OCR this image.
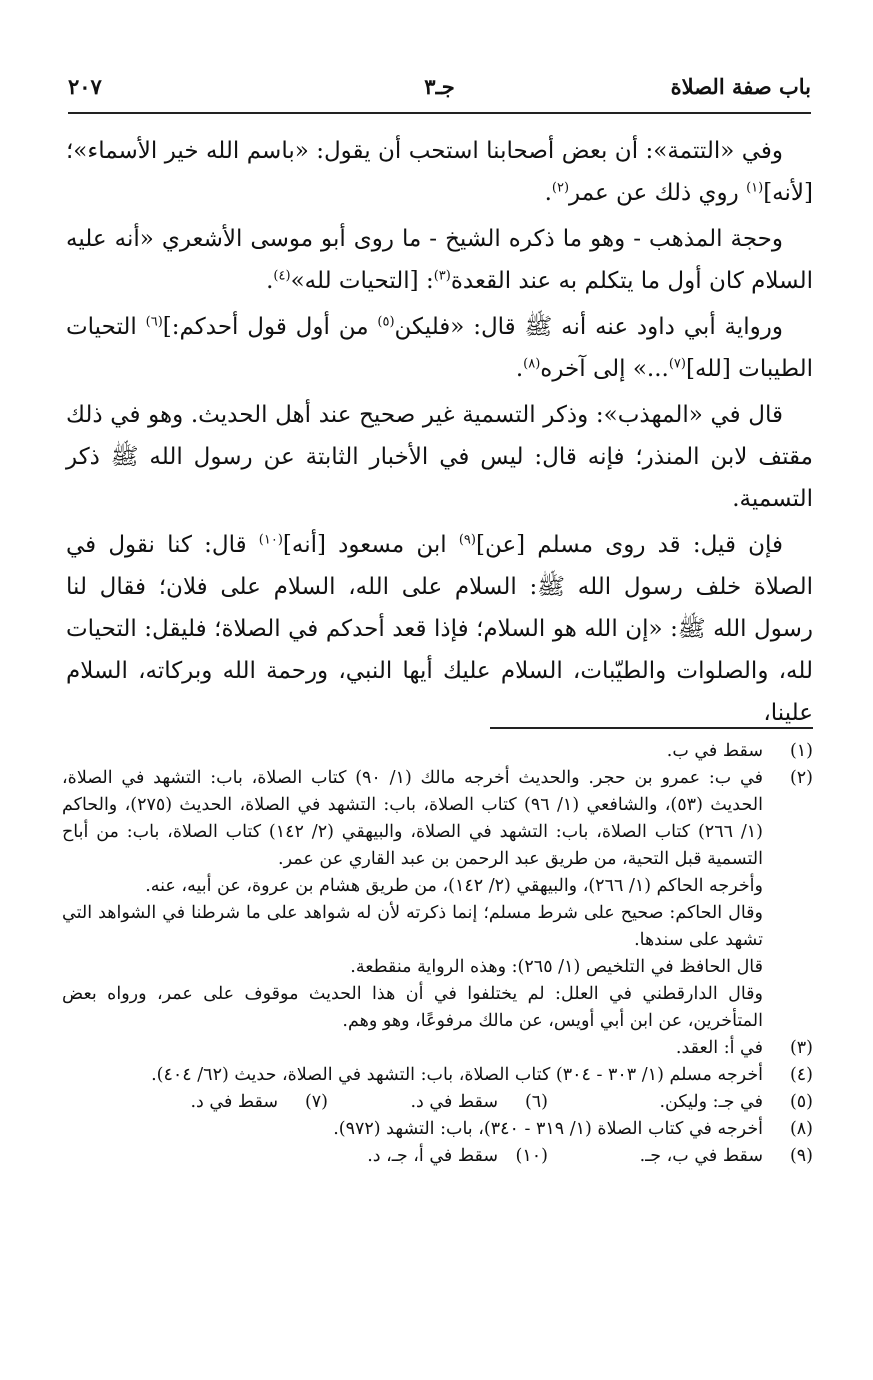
باب صفة الصلاة
جـ٣
٢٠٧

وفي «التتمة»: أن بعض أصحابنا استحب أن يقول: «باسم الله خير الأسماء»؛ [لأنه]$^{(١)}$ روي ذلك عن عمر$^{(٢)}$.

وحجة المذهب - وهو ما ذكره الشيخ - ما روى أبو موسى الأشعري «أنه عليه السلام كان أول ما يتكلم به عند القعدة$^{(٣)}$: [التحيات لله»$^{(٤)}$.

ورواية أبي داود عنه أنه ﷺ قال: «فليكن$^{(٥)}$ من أول قول أحدكم:]$^{(٦)}$ التحيات الطيبات [لله]$^{(٧)}$...» إلى آخره$^{(٨)}$.

قال في «المهذب»: وذكر التسمية غير صحيح عند أهل الحديث. وهو في ذلك مقتف لابن المنذر؛ فإنه قال: ليس في الأخبار الثابتة عن رسول الله ﷺ ذكر التسمية.

فإن قيل: قد روى مسلم [عن]$^{(٩)}$ ابن مسعود [أنه]$^{(١٠)}$ قال: كنا نقول في الصلاة خلف رسول الله ﷺ: السلام على الله، السلام على فلان؛ فقال لنا رسول الله ﷺ: «إن الله هو السلام؛ فإذا قعد أحدكم في الصلاة؛ فليقل: التحيات لله، والصلوات والطيّبات، السلام عليك أيها النبي، ورحمة الله وبركاته، السلام علينا،

(١)
سقط في ب.
(٢)
في ب: عمرو بن حجر. والحديث أخرجه مالك (١/ ٩٠) كتاب الصلاة، باب: التشهد في الصلاة، الحديث (٥٣)، والشافعي (١/ ٩٦) كتاب الصلاة، باب: التشهد في الصلاة، الحديث (٢٧٥)، والحاكم (١/ ٢٦٦) كتاب الصلاة، باب: التشهد في الصلاة، والبيهقي (٢/ ١٤٢) كتاب الصلاة، باب: من أباح التسمية قبل التحية، من طريق عبد الرحمن بن عبد القاري عن عمر.
وأخرجه الحاكم (١/ ٢٦٦)، والبيهقي (٢/ ١٤٢)، من طريق هشام بن عروة، عن أبيه، عنه.
وقال الحاكم: صحيح على شرط مسلم؛ إنما ذكرته لأن له شواهد على ما شرطنا في الشواهد التي تشهد على سندها.
قال الحافظ في التلخيص (١/ ٢٦٥): وهذه الرواية منقطعة.
وقال الدارقطني في العلل: لم يختلفوا في أن هذا الحديث موقوف على عمر، ورواه بعض المتأخرين، عن ابن أبي أويس، عن مالك مرفوعًا، وهو وهم.
(٣)
في أ: العقد.
(٤)
أخرجه مسلم (١/ ٣٠٣ - ٣٠٤) كتاب الصلاة، باب: التشهد في الصلاة، حديث (٦٢/ ٤٠٤).
(٥)
في جـ: وليكن.
(٦)
سقط في د.
(٧)
سقط في د.
(٨)
أخرجه في كتاب الصلاة (١/ ٣١٩ - ٣٤٠)، باب: التشهد (٩٧٢).
(٩)
سقط في ب، جـ.
(١٠)
سقط في أ، جـ، د.
